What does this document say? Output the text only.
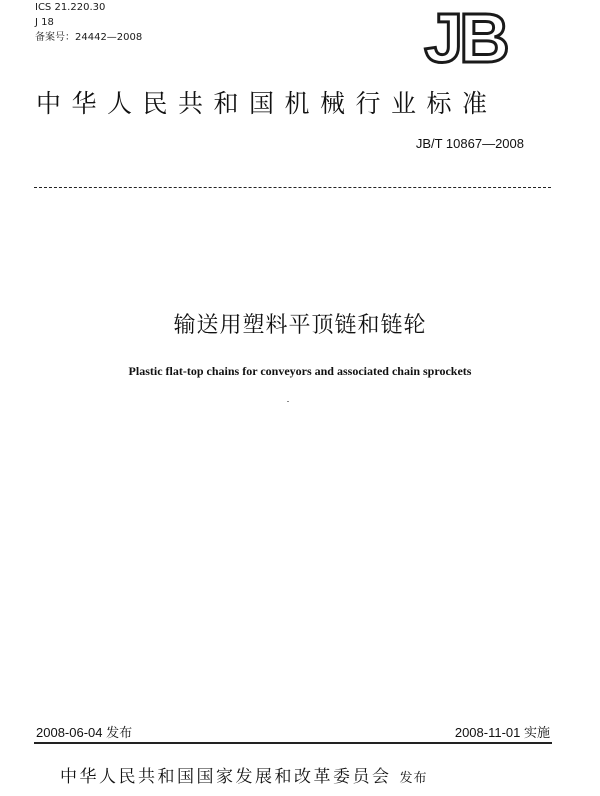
ICS 21.220.30
J 18
备案号：24442—2008	JB
中华人民共和国机械行业标准
JB/T 10867—2008
输送用塑料平顶链和链轮
Plastic flat-top chains for conveyors and associated chain sprockets
2008-06-04 发布	2008-11-01 实施
中华人民共和国国家发展和改革委员会 发布
